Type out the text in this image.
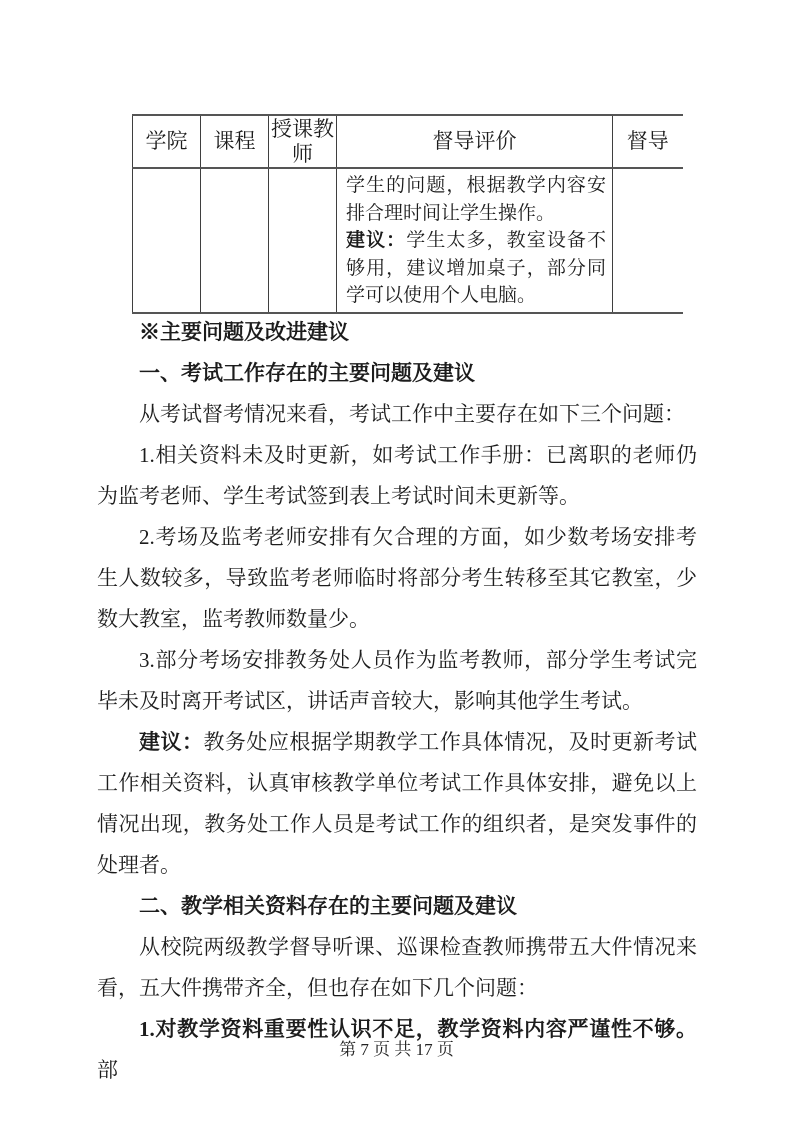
学院	课程	授课教师	督导评价	督导

			学生的问题，根据教学内容安排合理时间让学生操作。

建议：学生太多，教室设备不够用，建议增加桌子，部分同学可以使用个人电脑。	

※主要问题及改进建议

一、考试工作存在的主要问题及建议

从考试督考情况来看，考试工作中主要存在如下三个问题：

1.相关资料未及时更新，如考试工作手册：已离职的老师仍为监考老师、学生考试签到表上考试时间未更新等。

2.考场及监考老师安排有欠合理的方面，如少数考场安排考生人数较多，导致监考老师临时将部分考生转移至其它教室，少数大教室，监考教师数量少。

3.部分考场安排教务处人员作为监考教师，部分学生考试完毕未及时离开考试区，讲话声音较大，影响其他学生考试。

建议：教务处应根据学期教学工作具体情况，及时更新考试工作相关资料，认真审核教学单位考试工作具体安排，避免以上情况出现，教务处工作人员是考试工作的组织者，是突发事件的处理者。

二、教学相关资料存在的主要问题及建议

从校院两级教学督导听课、巡课检查教师携带五大件情况来看，五大件携带齐全，但也存在如下几个问题：

1.对教学资料重要性认识不足，教学资料内容严谨性不够。部

第 7 页 共 17 页
